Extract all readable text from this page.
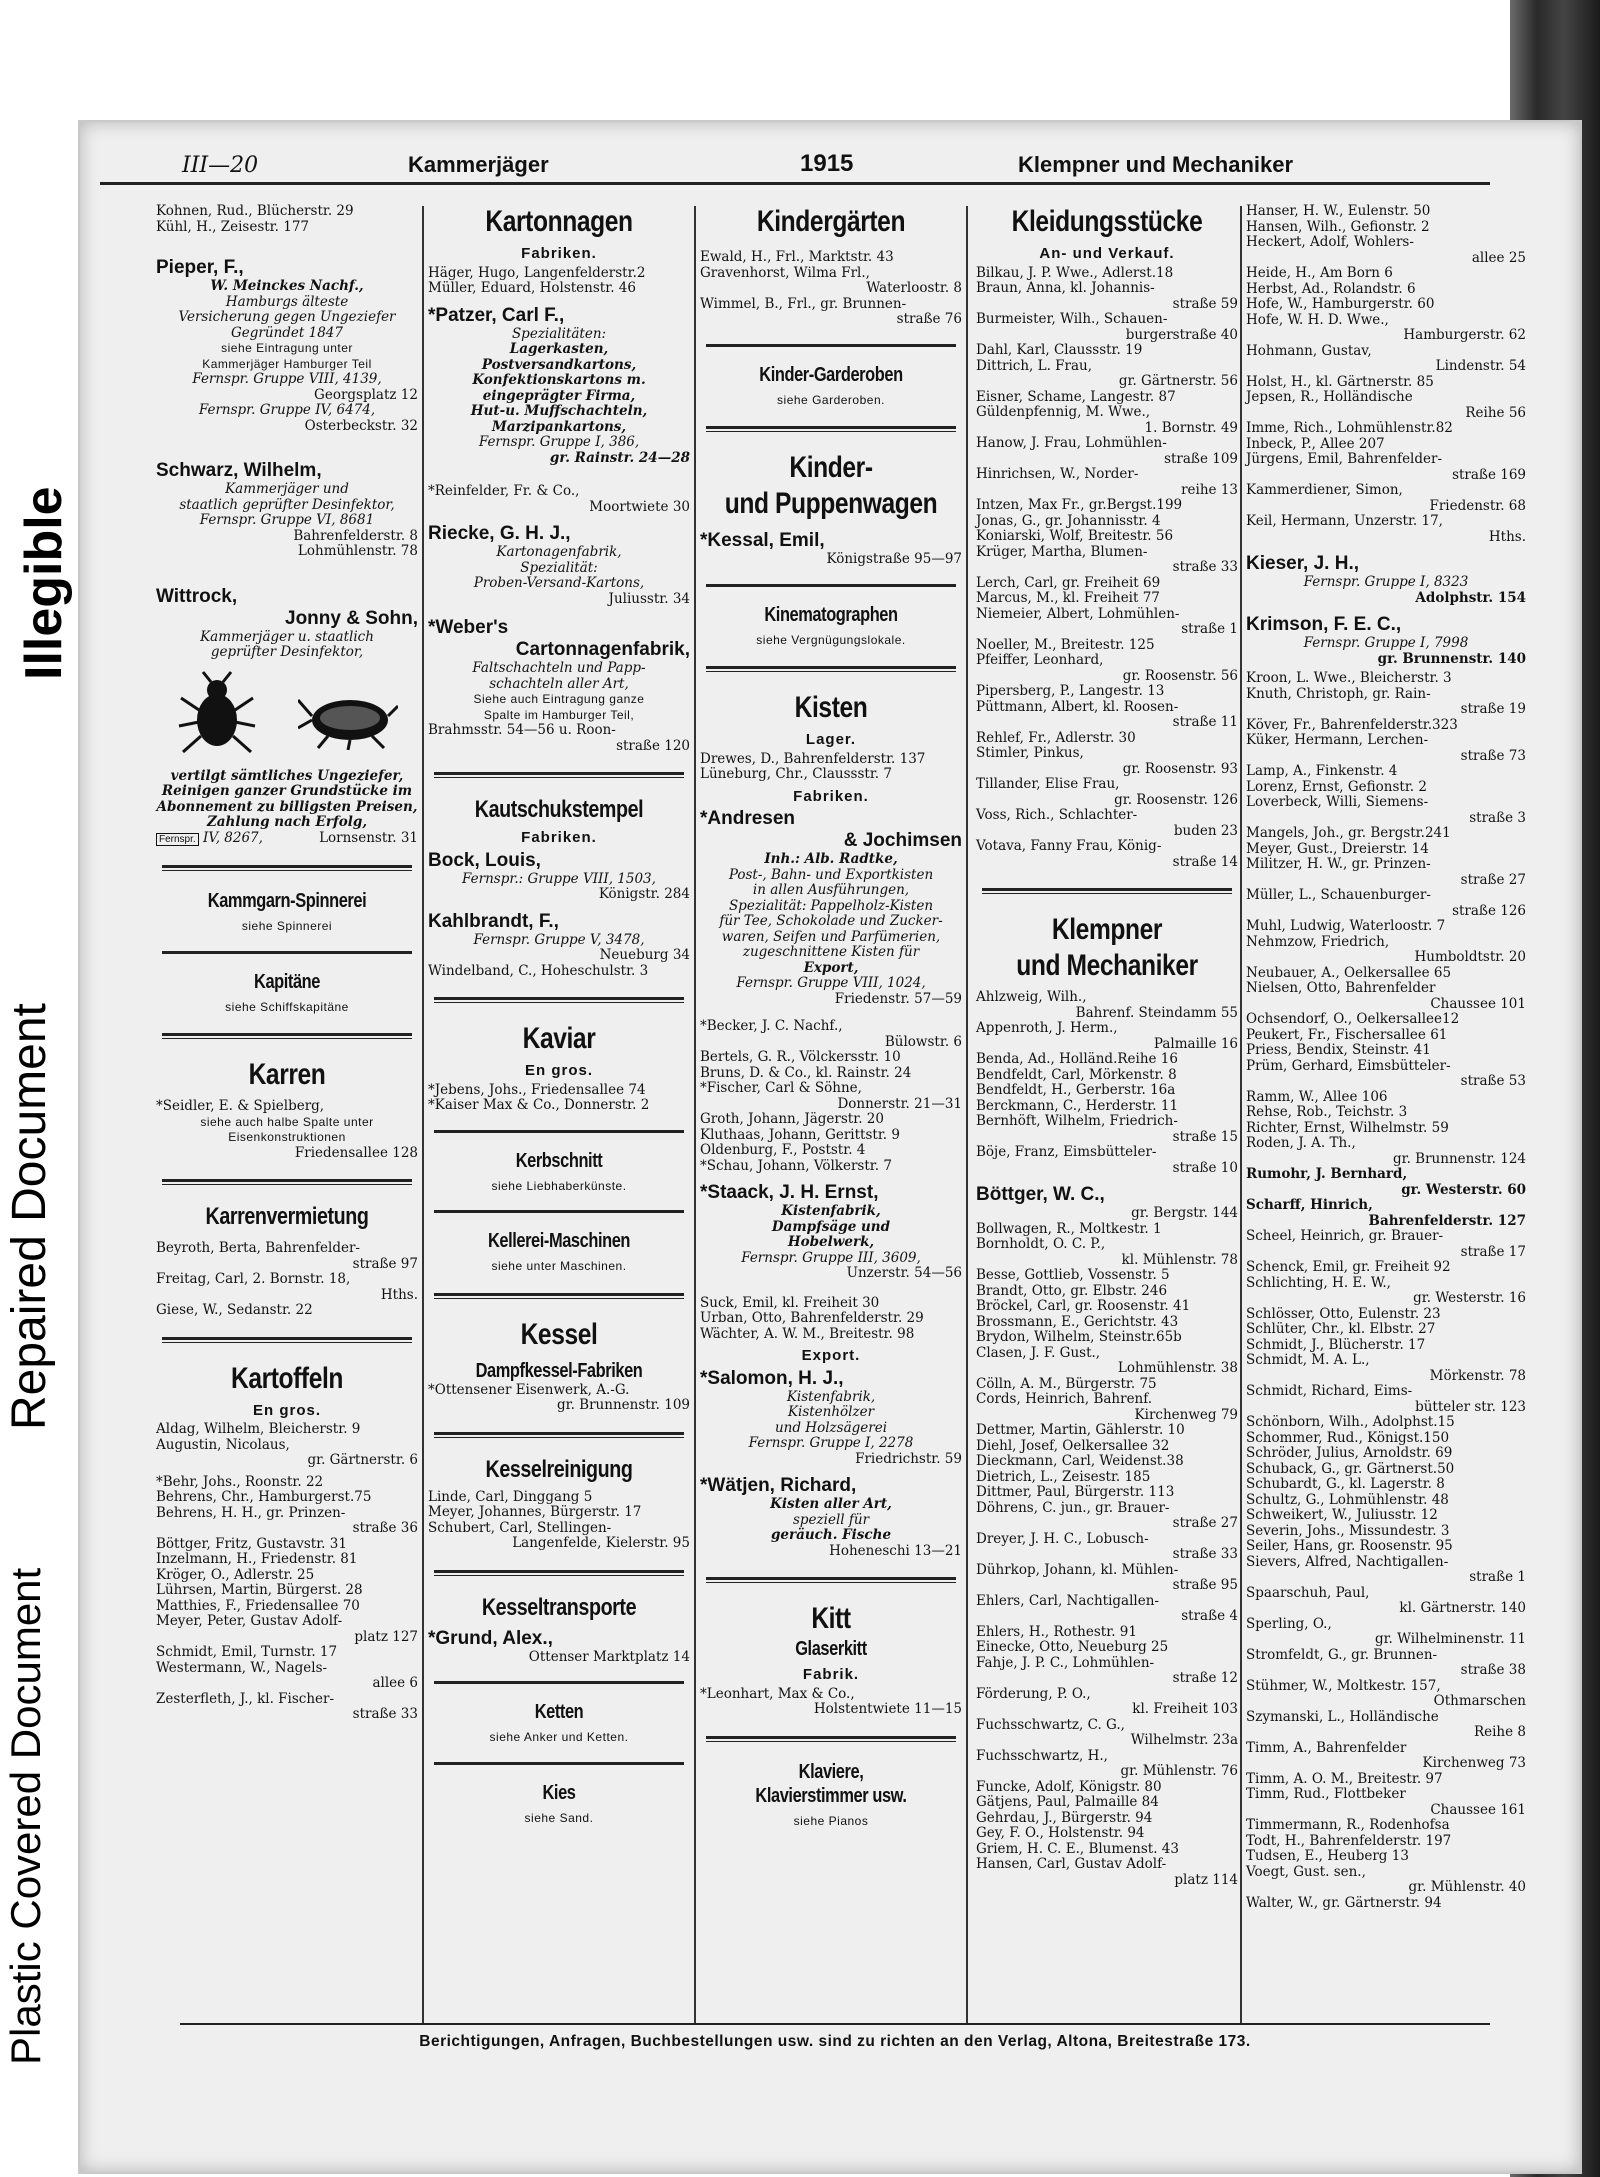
Illegible
Repaired Document
Plastic Covered Document
III—20	Kammerjäger	1915	Klempner und Mechaniker

Kohnen, Rud., Blücherstr. 29

Kühl, H., Zeisestr. 177

Pieper, F.,

W. Meinckes Nachf.,

Hamburgs älteste

Versicherung gegen Ungeziefer

Gegründet 1847

siehe Eintragung unter

Kammerjäger Hamburger Teil

Fernspr. Gruppe VIII, 4139,

Georgsplatz 12

Fernspr. Gruppe IV, 6474,

Osterbeckstr. 32

Schwarz, Wilhelm,

Kammerjäger und

staatlich geprüfter Desinfektor,

Fernspr. Gruppe VI, 8681

Bahrenfelderstr. 8

Lohmühlenstr. 78

Wittrock,

Jonny & Sohn,

Kammerjäger u. staatlich

geprüfter Desinfektor,

vertilgt sämtliches Ungeziefer,

Reinigen ganzer Grundstücke im

Abonnement zu billigsten Preisen,

Zahlung nach Erfolg,

Fernspr. IV, 8267,	Lornsenstr. 31

Kammgarn-Spinnerei

siehe Spinnerei

Kapitäne

siehe Schiffskapitäne

Karren

*Seidler, E. & Spielberg,

siehe auch halbe Spalte unter

Eisenkonstruktionen

Friedensallee 128

Karrenvermietung

Beyroth, Berta, Bahrenfelder-

straße 97

Freitag, Carl, 2. Bornstr. 18,

Hths.

Giese, W., Sedanstr. 22

Kartoffeln

En gros.

Aldag, Wilhelm, Bleicherstr. 9

Augustin, Nicolaus,

gr. Gärtnerstr. 6

*Behr, Johs., Roonstr. 22

Behrens, Chr., Hamburgerst.75

Behrens, H. H., gr. Prinzen-

straße 36

Böttger, Fritz, Gustavstr. 31

Inzelmann, H., Friedenstr. 81

Kröger, O., Adlerstr. 25

Lührsen, Martin, Bürgerst. 28

Matthies, F., Friedensallee 70

Meyer, Peter, Gustav Adolf-

platz 127

Schmidt, Emil, Turnstr. 17

Westermann, W., Nagels-

allee 6

Zesterfleth, J., kl. Fischer-

straße 33

Kartonnagen

Fabriken.

Häger, Hugo, Langenfelderstr.2

Müller, Eduard, Holstenstr. 46

*Patzer, Carl F.,

Spezialitäten:

Lagerkasten,

Postversandkartons,

Konfektionskartons m.

eingeprägter Firma,

Hut-u. Muffschachteln,

Marzipankartons,

Fernspr. Gruppe I, 386,

gr. Rainstr. 24—28

*Reinfelder, Fr. & Co.,

Moortwiete 30

Riecke, G. H. J.,

Kartonagenfabrik,

Spezialität:

Proben-Versand-Kartons,

Juliusstr. 34

*Weber's

Cartonnagenfabrik,

Faltschachteln und Papp-

schachteln aller Art,

Siehe auch Eintragung ganze

Spalte im Hamburger Teil,

Brahmsstr. 54—56 u. Roon-

straße 120

Kautschukstempel

Fabriken.

Bock, Louis,

Fernspr.: Gruppe VIII, 1503,

Königstr. 284

Kahlbrandt, F.,

Fernspr. Gruppe V, 3478,

Neueburg 34

Windelband, C., Hoheschulstr. 3

Kaviar

En gros.

*Jebens, Johs., Friedensallee 74

*Kaiser Max & Co., Donnerstr. 2

Kerbschnitt

siehe Liebhaberkünste.

Kellerei-Maschinen

siehe unter Maschinen.

Kessel

Dampfkessel-Fabriken

*Ottensener Eisenwerk, A.-G.

gr. Brunnenstr. 109

Kesselreinigung

Linde, Carl, Dinggang 5

Meyer, Johannes, Bürgerstr. 17

Schubert, Carl, Stellingen-

Langenfelde, Kielerstr. 95

Kesseltransporte

*Grund, Alex.,

Ottenser Marktplatz 14

Ketten

siehe Anker und Ketten.

Kies

siehe Sand.

Kindergärten

Ewald, H., Frl., Marktstr. 43

Gravenhorst, Wilma Frl.,

Waterloostr. 8

Wimmel, B., Frl., gr. Brunnen-

straße 76

Kinder-Garderoben

siehe Garderoben.

Kinder-

und Puppenwagen

*Kessal, Emil,

Königstraße 95—97

Kinematographen

siehe Vergnügungslokale.

Kisten

Lager.

Drewes, D., Bahrenfelderstr. 137

Lüneburg, Chr., Claussstr. 7

Fabriken.

*Andresen

& Jochimsen

Inh.: Alb. Radtke,

Post-, Bahn- und Exportkisten

in allen Ausführungen,

Spezialität: Pappelholz-Kisten

für Tee, Schokolade und Zucker-

waren, Seifen und Parfümerien,

zugeschnittene Kisten für

Export,

Fernspr. Gruppe VIII, 1024,

Friedenstr. 57—59

*Becker, J. C. Nachf.,

Bülowstr. 6

Bertels, G. R., Völckersstr. 10

Bruns, D. & Co., kl. Rainstr. 24

*Fischer, Carl & Söhne,

Donnerstr. 21—31

Groth, Johann, Jägerstr. 20

Kluthaas, Johann, Gerittstr. 9

Oldenburg, F., Poststr. 4

*Schau, Johann, Völkerstr. 7

*Staack, J. H. Ernst,

Kistenfabrik,

Dampfsäge und

Hobelwerk,

Fernspr. Gruppe III, 3609,

Unzerstr. 54—56

Suck, Emil, kl. Freiheit 30

Urban, Otto, Bahrenfelderstr. 29

Wächter, A. W. M., Breitestr. 98

Export.

*Salomon, H. J.,

Kistenfabrik,

Kistenhölzer

und Holzsägerei

Fernspr. Gruppe I, 2278

Friedrichstr. 59

*Wätjen, Richard,

Kisten aller Art,

speziell für

geräuch. Fische

Hoheneschi 13—21

Kitt

Glaserkitt

Fabrik.

*Leonhart, Max & Co.,

Holstentwiete 11—15

Klaviere,

Klavierstimmer usw.

siehe Pianos

Kleidungsstücke

An- und Verkauf.

Bilkau, J. P. Wwe., Adlerst.18

Braun, Anna, kl. Johannis-

straße 59

Burmeister, Wilh., Schauen-

burgerstraße 40

Dahl, Karl, Claussstr. 19

Dittrich, L. Frau,

gr. Gärtnerstr. 56

Eisner, Schame, Langestr. 87

Güldenpfennig, M. Wwe.,

1. Bornstr. 49

Hanow, J. Frau, Lohmühlen-

straße 109

Hinrichsen, W., Norder-

reihe 13

Intzen, Max Fr., gr.Bergst.199

Jonas, G., gr. Johannisstr. 4

Koniarski, Wolf, Breitestr. 56

Krüger, Martha, Blumen-

straße 33

Lerch, Carl, gr. Freiheit 69

Marcus, M., kl. Freiheit 77

Niemeier, Albert, Lohmühlen-

straße 1

Noeller, M., Breitestr. 125

Pfeiffer, Leonhard,

gr. Roosenstr. 56

Pipersberg, P., Langestr. 13

Püttmann, Albert, kl. Roosen-

straße 11

Rehlef, Fr., Adlerstr. 30

Stimler, Pinkus,

gr. Roosenstr. 93

Tillander, Elise Frau,

gr. Roosenstr. 126

Voss, Rich., Schlachter-

buden 23

Votava, Fanny Frau, König-

straße 14

Klempner

und Mechaniker

Ahlzweig, Wilh.,

Bahrenf. Steindamm 55

Appenroth, J. Herm.,

Palmaille 16

Benda, Ad., Holländ.Reihe 16

Bendfeldt, Carl, Mörkenstr. 8

Bendfeldt, H., Gerberstr. 16a

Berckmann, C., Herderstr. 11

Bernhöft, Wilhelm, Friedrich-

straße 15

Böje, Franz, Eimsbütteler-

straße 10

Böttger, W. C.,

gr. Bergstr. 144

Bollwagen, R., Moltkestr. 1

Bornholdt, O. C. P.,

kl. Mühlenstr. 78

Besse, Gottlieb, Vossenstr. 5

Brandt, Otto, gr. Elbstr. 246

Bröckel, Carl, gr. Roosenstr. 41

Brossmann, E., Gerichtstr. 43

Brydon, Wilhelm, Steinstr.65b

Clasen, J. F. Gust.,

Lohmühlenstr. 38

Cölln, A. M., Bürgerstr. 75

Cords, Heinrich, Bahrenf.

Kirchenweg 79

Dettmer, Martin, Gählerstr. 10

Diehl, Josef, Oelkersallee 32

Dieckmann, Carl, Weidenst.38

Dietrich, L., Zeisestr. 185

Dittmer, Paul, Bürgerstr. 113

Döhrens, C. jun., gr. Brauer-

straße 27

Dreyer, J. H. C., Lobusch-

straße 33

Dührkop, Johann, kl. Mühlen-

straße 95

Ehlers, Carl, Nachtigallen-

straße 4

Ehlers, H., Rothestr. 91

Einecke, Otto, Neueburg 25

Fahje, J. P. C., Lohmühlen-

straße 12

Förderung, P. O.,

kl. Freiheit 103

Fuchsschwartz, C. G.,

Wilhelmstr. 23a

Fuchsschwartz, H.,

gr. Mühlenstr. 76

Funcke, Adolf, Königstr. 80

Gätjens, Paul, Palmaille 84

Gehrdau, J., Bürgerstr. 94

Gey, F. O., Holstenstr. 94

Griem, H. C. E., Blumenst. 43

Hansen, Carl, Gustav Adolf-

platz 114

Hanser, H. W., Eulenstr. 50

Hansen, Wilh., Gefionstr. 2

Heckert, Adolf, Wohlers-

allee 25

Heide, H., Am Born 6

Herbst, Ad., Rolandstr. 6

Hofe, W., Hamburgerstr. 60

Hofe, W. H. D. Wwe.,

Hamburgerstr. 62

Hohmann, Gustav,

Lindenstr. 54

Holst, H., kl. Gärtnerstr. 85

Jepsen, R., Holländische

Reihe 56

Imme, Rich., Lohmühlenstr.82

Inbeck, P., Allee 207

Jürgens, Emil, Bahrenfelder-

straße 169

Kammerdiener, Simon,

Friedenstr. 68

Keil, Hermann, Unzerstr. 17,

Hths.

Kieser, J. H.,

Fernspr. Gruppe I, 8323

Adolphstr. 154

Krimson, F. E. C.,

Fernspr. Gruppe I, 7998

gr. Brunnenstr. 140

Kroon, L. Wwe., Bleicherstr. 3

Knuth, Christoph, gr. Rain-

straße 19

Köver, Fr., Bahrenfelderstr.323

Küker, Hermann, Lerchen-

straße 73

Lamp, A., Finkenstr. 4

Lorenz, Ernst, Gefionstr. 2

Loverbeck, Willi, Siemens-

straße 3

Mangels, Joh., gr. Bergstr.241

Meyer, Gust., Dreierstr. 14

Militzer, H. W., gr. Prinzen-

straße 27

Müller, L., Schauenburger-

straße 126

Muhl, Ludwig, Waterloostr. 7

Nehmzow, Friedrich,

Humboldtstr. 20

Neubauer, A., Oelkersallee 65

Nielsen, Otto, Bahrenfelder

Chaussee 101

Ochsendorf, O., Oelkersallee12

Peukert, Fr., Fischersallee 61

Priess, Bendix, Steinstr. 41

Prüm, Gerhard, Eimsbütteler-

straße 53

Ramm, W., Allee 106

Rehse, Rob., Teichstr. 3

Richter, Ernst, Wilhelmstr. 59

Roden, J. A. Th.,

gr. Brunnenstr. 124

Rumohr, J. Bernhard,

gr. Westerstr. 60

Scharff, Hinrich,

Bahrenfelderstr. 127

Scheel, Heinrich, gr. Brauer-

straße 17

Schenck, Emil, gr. Freiheit 92

Schlichting, H. E. W.,

gr. Westerstr. 16

Schlösser, Otto, Eulenstr. 23

Schlüter, Chr., kl. Elbstr. 27

Schmidt, J., Blücherstr. 17

Schmidt, M. A. L.,

Mörkenstr. 78

Schmidt, Richard, Eims-

bütteler str. 123

Schönborn, Wilh., Adolphst.15

Schommer, Rud., Königst.150

Schröder, Julius, Arnoldstr. 69

Schuback, G., gr. Gärtnerst.50

Schubardt, G., kl. Lagerstr. 8

Schultz, G., Lohmühlenstr. 48

Schweikert, W., Juliusstr. 12

Severin, Johs., Missundestr. 3

Seiler, Hans, gr. Roosenstr. 95

Sievers, Alfred, Nachtigallen-

straße 1

Spaarschuh, Paul,

kl. Gärtnerstr. 140

Sperling, O.,

gr. Wilhelminenstr. 11

Stromfeldt, G., gr. Brunnen-

straße 38

Stühmer, W., Moltkestr. 157,

Othmarschen

Szymanski, L., Holländische

Reihe 8

Timm, A., Bahrenfelder

Kirchenweg 73

Timm, A. O. M., Breitestr. 97

Timm, Rud., Flottbeker

Chaussee 161

Timmermann, R., Rodenhofsa

Todt, H., Bahrenfelderstr. 197

Tudsen, E., Heuberg 13

Voegt, Gust. sen.,

gr. Mühlenstr. 40

Walter, W., gr. Gärtnerstr. 94

Berichtigungen, Anfragen, Buchbestellungen usw. sind zu richten an den Verlag, Altona, Breitestraße 173.
